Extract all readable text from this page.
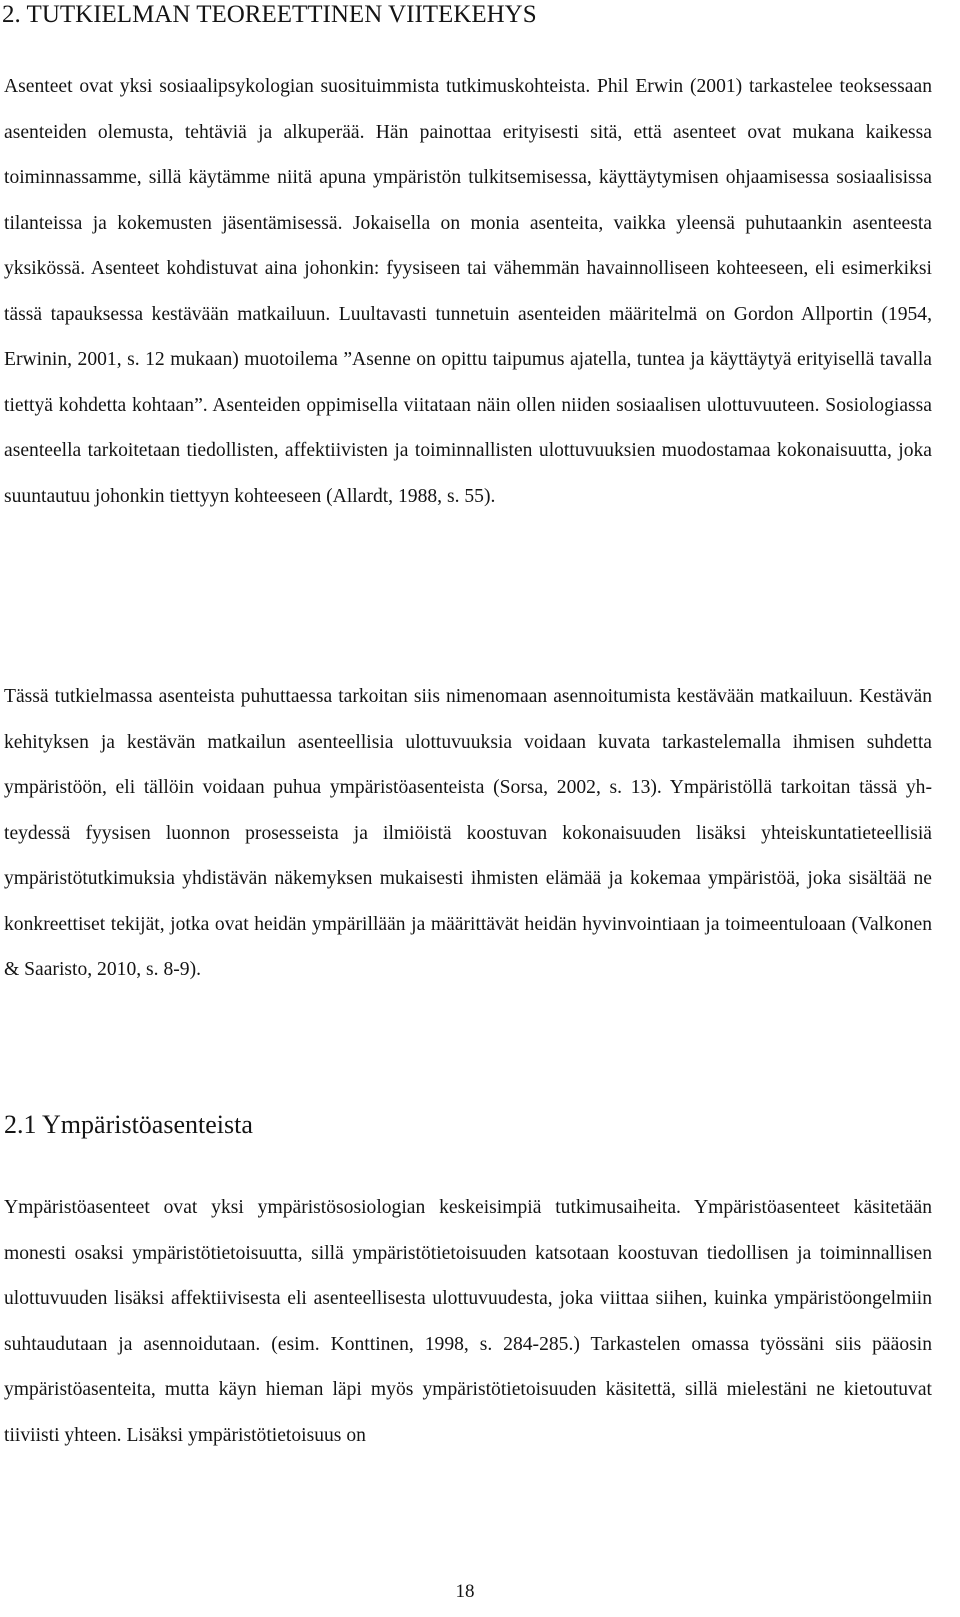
2. TUTKIELMAN TEOREETTINEN VIITEKEHYS

Asenteet ovat yksi sosiaalipsykologian suosituimmista tutkimuskohteista. Phil Erwin (2001) tarkastelee teoksessaan asenteiden olemusta, tehtäviä ja alkuperää. Hän painottaa erityisesti sitä, että asenteet ovat mukana kaikessa toiminnassamme, sillä käytämme niitä apuna ympäristön tulkitsemisessa, käyttäytymisen ohjaamisessa sosiaalisissa tilanteissa ja kokemusten jäsentämisessä. Jokaisella on monia asenteita, vaikka yleensä puhutaankin asenteesta yksikössä. Asenteet kohdistuvat aina johonkin: fyysiseen tai vähemmän havainnolliseen kohteeseen, eli esimerkiksi tässä tapauksessa kestävään matkailuun. Luultavasti tunnetuin asenteiden määritelmä on Gordon Allportin (1954, Erwinin, 2001, s. 12 mukaan) muotoilema ”Asenne on opittu taipumus ajatella, tuntea ja käyttäytyä erityisellä tavalla tiettyä kohdetta kohtaan”. Asenteiden oppimisella viitataan näin ollen niiden sosiaalisen ulottuvuuteen. Sosiologiassa asenteella tarkoitetaan tiedollisten, affektiivisten ja toiminnallisten ulottuvuuksien muodostamaa kokonaisuutta, joka suuntautuu johonkin tiettyyn kohteeseen (Allardt, 1988, s. 55).

Tässä tutkielmassa asenteista puhuttaessa tarkoitan siis nimenomaan asennoitumista kestävään matkailuun. Kestävän kehityksen ja kestävän matkailun asenteellisia ulottuvuuksia voidaan kuvata tarkastelemalla ihmisen suhdetta ympäristöön, eli tällöin voidaan puhua ympäristöasenteista (Sorsa, 2002, s. 13). Ympäristöllä tarkoitan tässä yhteydessä fyysisen luonnon prosesseista ja ilmiöistä koostuvan kokonaisuuden lisäksi yhteiskuntatieteellisiä ympäristötutkimuksia yhdistävän näkemyksen mukaisesti ihmisten elämää ja kokemaa ympäristöä, joka sisältää ne konkreettiset tekijät, jotka ovat heidän ympärillään ja määrittävät heidän hyvinvointiaan ja toimeentuloaan (Valkonen & Saaristo, 2010, s. 8-9).

2.1 Ympäristöasenteista

Ympäristöasenteet ovat yksi ympäristösosiologian keskeisimpiä tutkimusaiheita. Ympäristöasenteet käsitetään monesti osaksi ympäristötietoisuutta, sillä ympäristötietoisuuden katsotaan koostuvan tiedollisen ja toiminnallisen ulottuvuuden lisäksi affektiivisesta eli asenteellisesta ulottuvuudesta, joka viittaa siihen, kuinka ympäristöongelmiin suhtaudutaan ja asennoidutaan. (esim. Konttinen, 1998, s. 284-285.) Tarkastelen omassa työssäni siis pääosin ympäristöasenteita, mutta käyn hieman läpi myös ympäristötietoisuuden käsitettä, sillä mielestäni ne kietoutuvat tiiviisti yhteen. Lisäksi ympäristötietoisuus on

18
